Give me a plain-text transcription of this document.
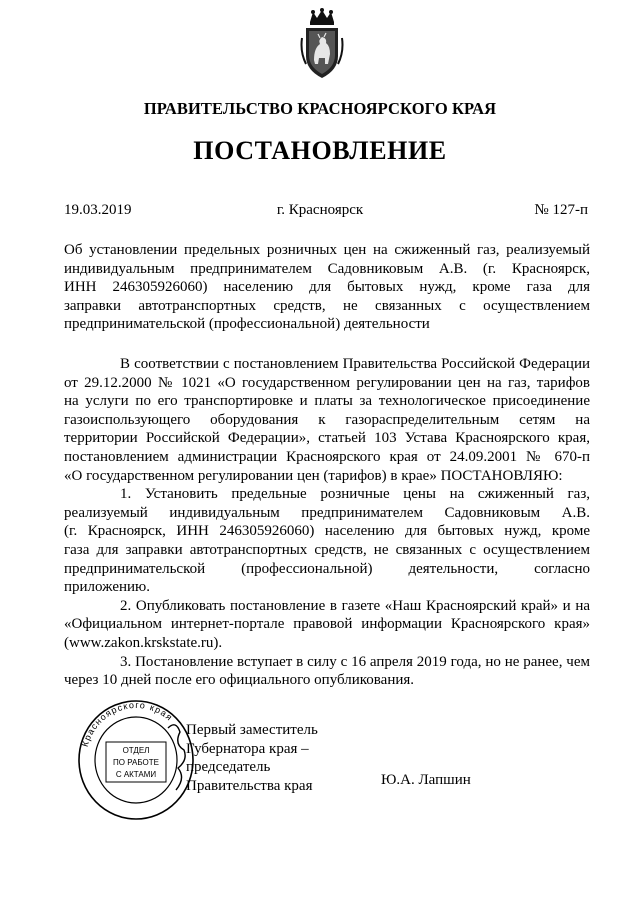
ПРАВИТЕЛЬСТВО КРАСНОЯРСКОГО КРАЯ
ПОСТАНОВЛЕНИЕ
19.03.2019	г. Красноярск	№ 127-п
Об установлении предельных розничных цен на сжиженный газ, реализуемый
индивидуальным предпринимателем Садовниковым А.В. (г. Красноярск,
ИНН 246305926060) населению для бытовых нужд, кроме газа для
заправки автотранспортных средств, не связанных с осуществлением
предпринимательской (профессиональной) деятельности
В соответствии с постановлением Правительства Российской Федерации
от 29.12.2000 № 1021 «О государственном регулировании цен на газ, тарифов
на услуги по его транспортировке и платы за технологическое присоединение
газоиспользующего оборудования к газораспределительным сетям на
территории Российской Федерации», статьей 103 Устава Красноярского края,
постановлением администрации Красноярского края от 24.09.2001 № 670-п
«О государственном регулировании цен (тарифов) в крае» ПОСТАНОВЛЯЮ:
1. Установить предельные розничные цены на сжиженный газ,
реализуемый индивидуальным предпринимателем Садовниковым А.В.
(г. Красноярск, ИНН 246305926060) населению для бытовых нужд, кроме
газа для заправки автотранспортных средств, не связанных с осуществлением
предпринимательской (профессиональной) деятельности, согласно
приложению.
2. Опубликовать постановление в газете «Наш Красноярский край» и на
«Официальном интернет-портале правовой информации Красноярского края»
(www.zakon.krskstate.ru).
3. Постановление вступает в силу с 16 апреля 2019 года, но не ранее, чем
через 10 дней после его официального опубликования.
Первый заместитель
Губернатора края –
председатель
Правительства края	Ю.А. Лапшин
Красноярского края
ОТДЕЛ
ПО РАБОТЕ
С АКТАМИ
